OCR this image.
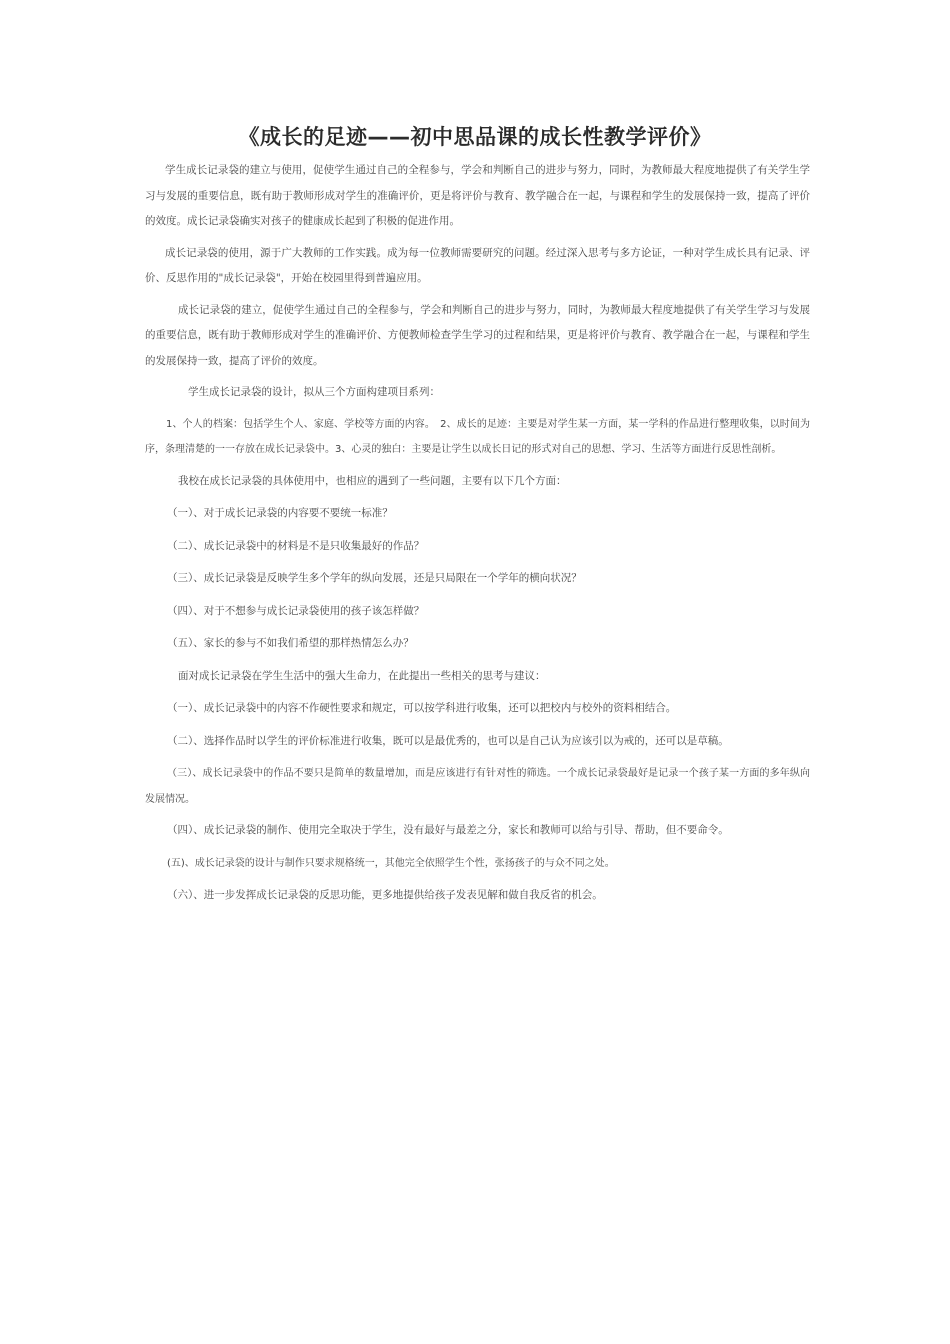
《成长的足迹——初中思品课的成长性教学评价》

学生成长记录袋的建立与使用，促使学生通过自己的全程参与，学会和判断自己的进步与努力，同时，为教师最大程度地提供了有关学生学习与发展的重要信息，既有助于教师形成对学生的准确评价，更是将评价与教育、教学融合在一起，与课程和学生的发展保持一致，提高了评价的效度。成长记录袋确实对孩子的健康成长起到了积极的促进作用。

成长记录袋的使用，源于广大教师的工作实践。成为每一位教师需要研究的问题。经过深入思考与多方论证，一种对学生成长具有记录、评价、反思作用的"成长记录袋"，开始在校园里得到普遍应用。

成长记录袋的建立，促使学生通过自己的全程参与，学会和判断自己的进步与努力，同时，为教师最大程度地提供了有关学生学习与发展的重要信息，既有助于教师形成对学生的准确评价、方便教师检查学生学习的过程和结果，更是将评价与教育、教学融合在一起，与课程和学生的发展保持一致，提高了评价的效度。

学生成长记录袋的设计，拟从三个方面构建项目系列：

1、个人的档案：包括学生个人、家庭、学校等方面的内容。　2、成长的足迹：主要是对学生某一方面，某一学科的作品进行整理收集，以时间为序，条理清楚的一一存放在成长记录袋中。3、心灵的独白：主要是让学生以成长日记的形式对自己的思想、学习、生活等方面进行反思性剖析。

我校在成长记录袋的具体使用中，也相应的遇到了一些问题，主要有以下几个方面：

（一）、对于成长记录袋的内容要不要统一标准？

（二）、成长记录袋中的材料是不是只收集最好的作品？

（三）、成长记录袋是反映学生多个学年的纵向发展，还是只局限在一个学年的横向状况？

（四）、对于不想参与成长记录袋使用的孩子该怎样做？

（五）、家长的参与不如我们希望的那样热情怎么办？

面对成长记录袋在学生生活中的强大生命力，在此提出一些相关的思考与建议：

（一）、成长记录袋中的内容不作硬性要求和规定，可以按学科进行收集，还可以把校内与校外的资料相结合。

（二）、选择作品时以学生的评价标准进行收集，既可以是最优秀的，也可以是自己认为应该引以为戒的，还可以是草稿。

（三）、成长记录袋中的作品不要只是简单的数量增加，而是应该进行有针对性的筛选。一个成长记录袋最好是记录一个孩子某一方面的多年纵向发展情况。

（四）、成长记录袋的制作、使用完全取决于学生，没有最好与最差之分，家长和教师可以给与引导、帮助，但不要命令。

(五)、成长记录袋的设计与制作只要求规格统一，其他完全依照学生个性，张扬孩子的与众不同之处。

（六）、进一步发挥成长记录袋的反思功能，更多地提供给孩子发表见解和做自我反省的机会。
